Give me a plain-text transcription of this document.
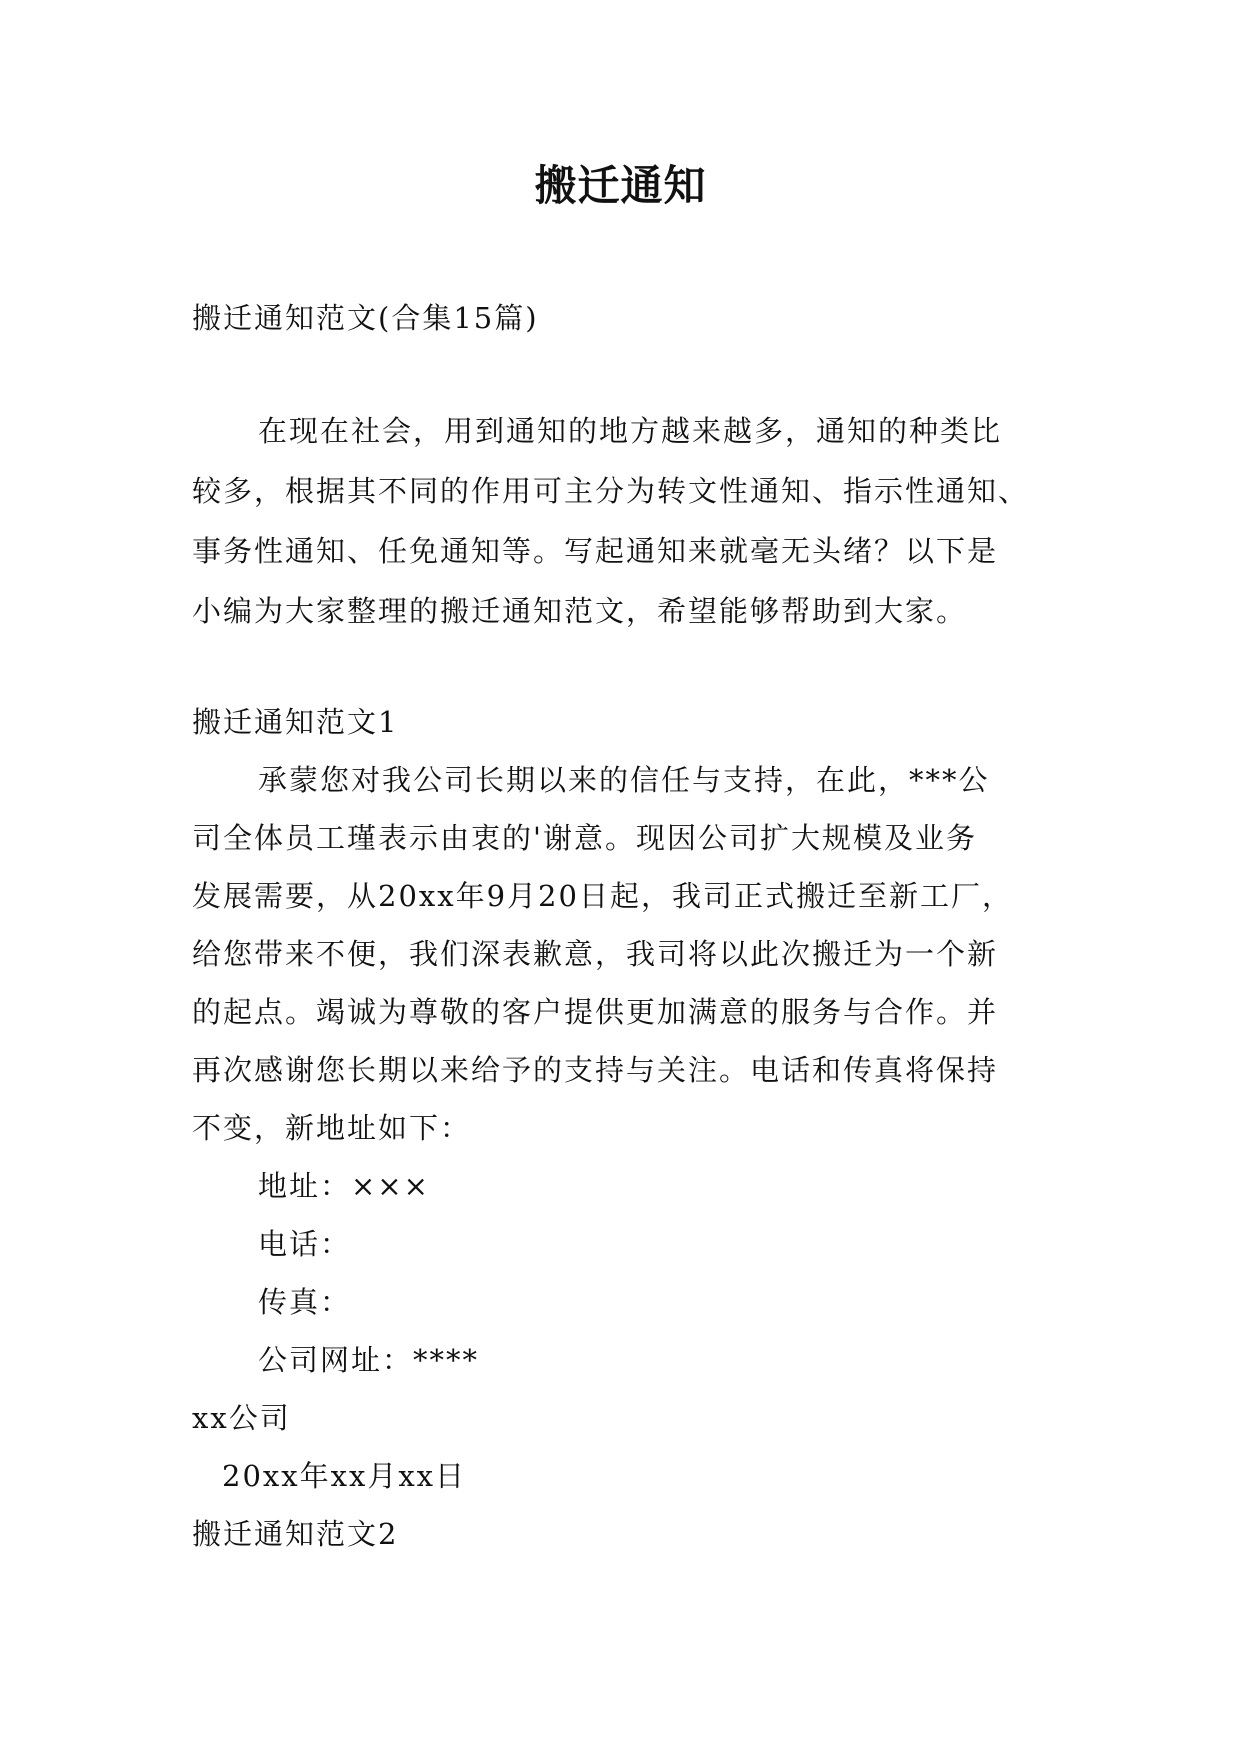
搬迁通知
搬迁通知范文(合集15篇)
在现在社会，用到通知的地方越来越多，通知的种类比
较多，根据其不同的作用可主分为转文性通知、指示性通知、
事务性通知、任免通知等。写起通知来就毫无头绪？以下是
小编为大家整理的搬迁通知范文，希望能够帮助到大家。
搬迁通知范文1
承蒙您对我公司长期以来的信任与支持，在此，***公
司全体员工瑾表示由衷的'谢意。现因公司扩大规模及业务
发展需要，从20xx年9月20日起，我司正式搬迁至新工厂，
给您带来不便，我们深表歉意，我司将以此次搬迁为一个新
的起点。竭诚为尊敬的客户提供更加满意的服务与合作。并
再次感谢您长期以来给予的支持与关注。电话和传真将保持
不变，新地址如下：
地址：×××
电话：
传真：
公司网址：****
xx公司
20xx年xx月xx日
搬迁通知范文2
